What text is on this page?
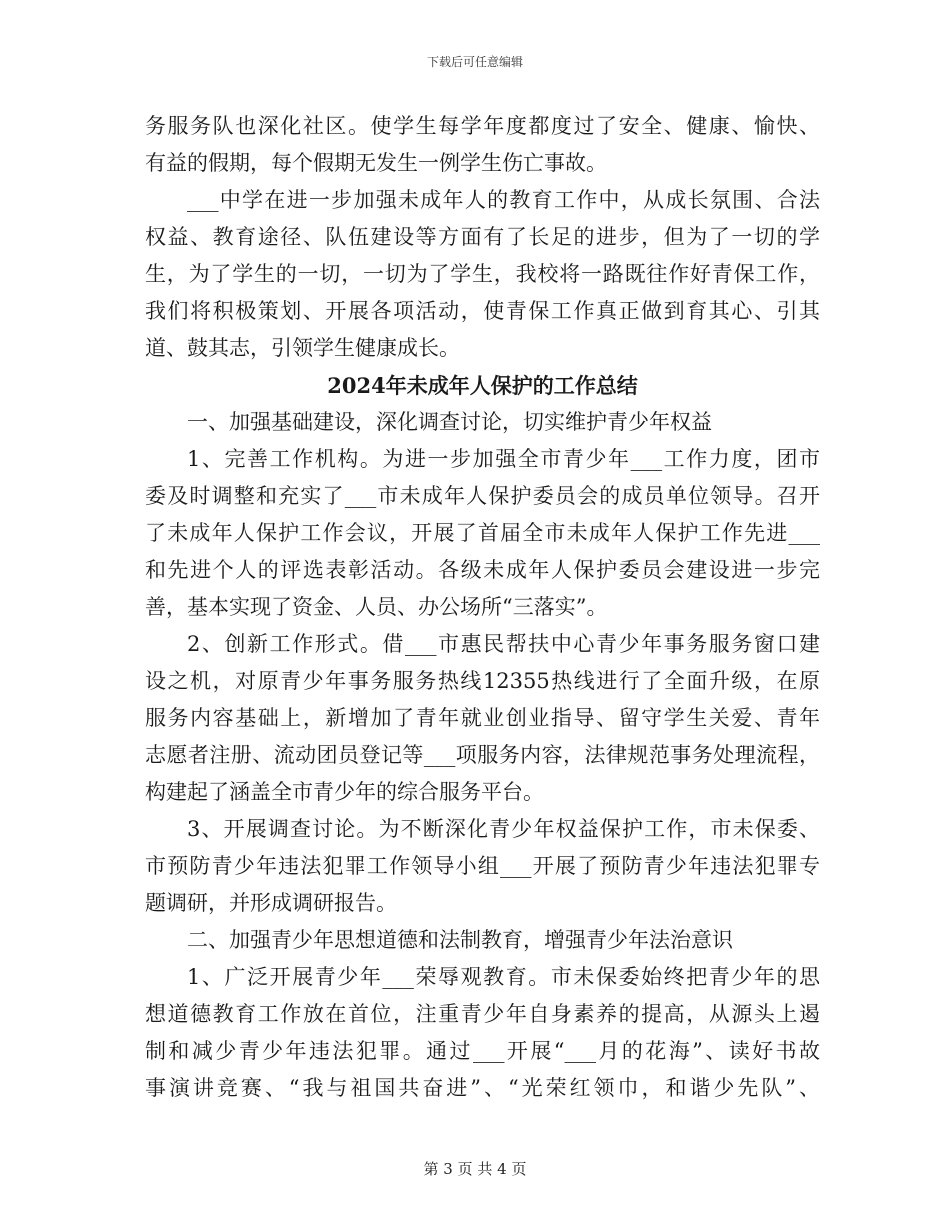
下载后可任意编辑
务服务队也深化社区。使学生每学年度都度过了安全、健康、愉快、
有益的假期，每个假期无发生一例学生伤亡事故。
___中学在进一步加强未成年人的教育工作中，从成长氛围、合法
权益、教育途径、队伍建设等方面有了长足的进步，但为了一切的学
生，为了学生的一切，一切为了学生，我校将一路既往作好青保工作，
我们将积极策划、开展各项活动，使青保工作真正做到育其心、引其
道、鼓其志，引领学生健康成长。
2024年未成年人保护的工作总结
一、加强基础建设，深化调查讨论，切实维护青少年权益
1、完善工作机构。为进一步加强全市青少年___工作力度，团市
委及时调整和充实了___市未成年人保护委员会的成员单位领导。召开
了未成年人保护工作会议，开展了首届全市未成年人保护工作先进___
和先进个人的评选表彰活动。各级未成年人保护委员会建设进一步完
善，基本实现了资金、人员、办公场所“三落实”。
2、创新工作形式。借___市惠民帮扶中心青少年事务服务窗口建
设之机，对原青少年事务服务热线12355热线进行了全面升级，在原
服务内容基础上，新增加了青年就业创业指导、留守学生关爱、青年
志愿者注册、流动团员登记等___项服务内容，法律规范事务处理流程，
构建起了涵盖全市青少年的综合服务平台。
3、开展调查讨论。为不断深化青少年权益保护工作，市未保委、
市预防青少年违法犯罪工作领导小组___开展了预防青少年违法犯罪专
题调研，并形成调研报告。
二、加强青少年思想道德和法制教育，增强青少年法治意识
1、广泛开展青少年___荣辱观教育。市未保委始终把青少年的思
想道德教育工作放在首位，注重青少年自身素养的提高，从源头上遏
制和减少青少年违法犯罪。通过___开展“___月的花海”、读好书故
事演讲竞赛、“我与祖国共奋进”、“光荣红领巾，和谐少先队”、
第 3 页 共 4 页
